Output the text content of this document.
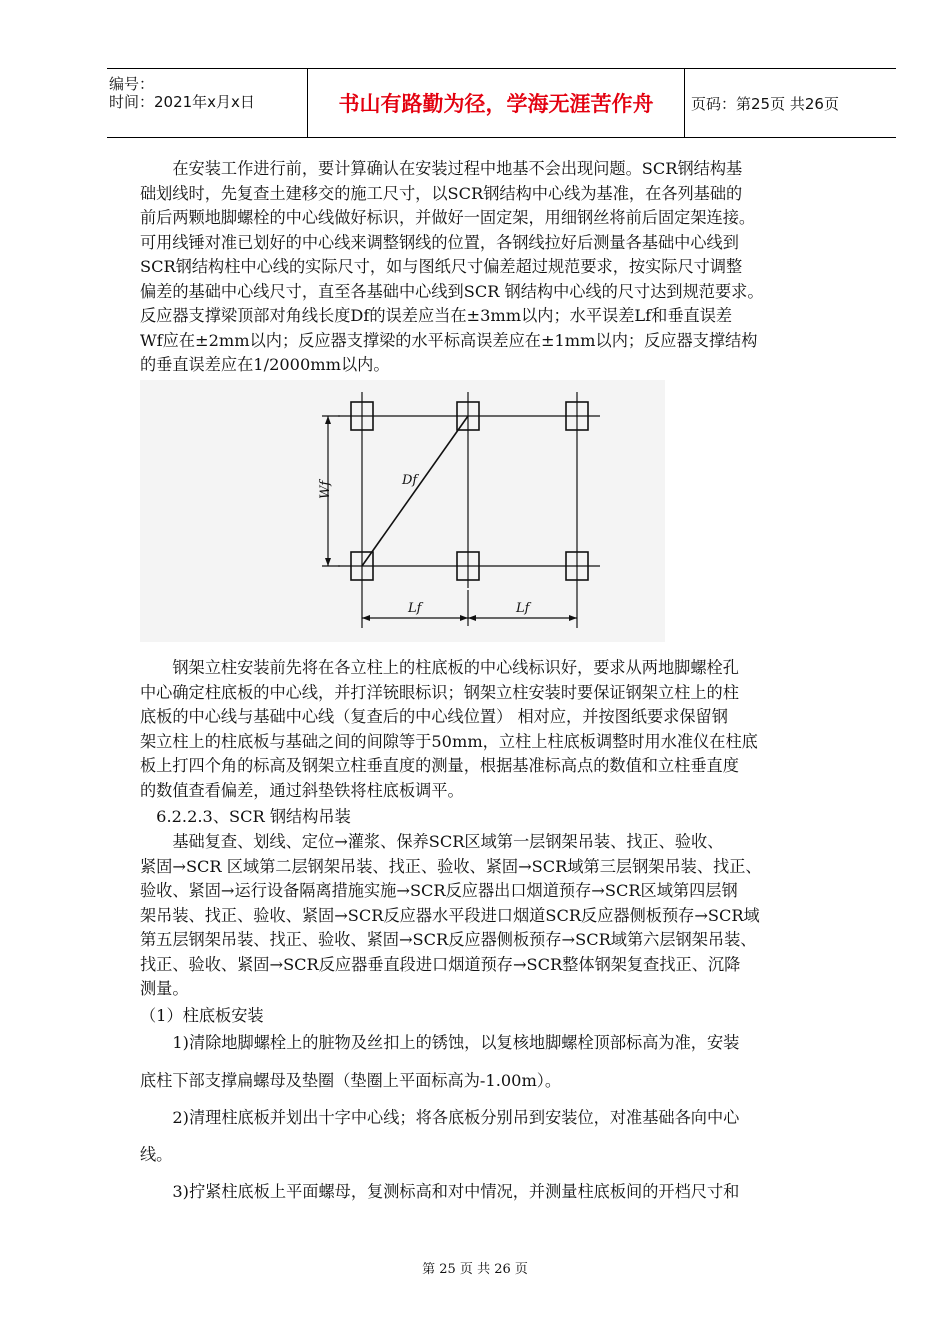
编号：
时间：2021年x月x日	书山有路勤为径，学海无涯苦作舟	页码：第25页 共26页
　　在安装工作进行前，要计算确认在安装过程中地基不会出现问题。SCR钢结构基
础划线时，先复查土建移交的施工尺寸，以SCR钢结构中心线为基准，在各列基础的
前后两颗地脚螺栓的中心线做好标识，并做好一固定架，用细钢丝将前后固定架连接。
可用线锤对准已划好的中心线来调整钢线的位置，各钢线拉好后测量各基础中心线到
SCR钢结构柱中心线的实际尺寸，如与图纸尺寸偏差超过规范要求，按实际尺寸调整
偏差的基础中心线尺寸，直至各基础中心线到SCR 钢结构中心线的尺寸达到规范要求。
反应器支撑梁顶部对角线长度Df的误差应当在±3mm以内；水平误差Lf和垂直误差
Wf应在±2mm以内；反应器支撑梁的水平标高误差应在±1mm以内；反应器支撑结构
的垂直误差应在1/2000mm以内。
Wf
Df
Lf	Lf
　　钢架立柱安装前先将在各立柱上的柱底板的中心线标识好，要求从两地脚螺栓孔
中心确定柱底板的中心线，并打洋铳眼标识；钢架立柱安装时要保证钢架立柱上的柱
底板的中心线与基础中心线（复查后的中心线位置） 相对应，并按图纸要求保留钢
架立柱上的柱底板与基础之间的间隙等于50mm，立柱上柱底板调整时用水准仪在柱底
板上打四个角的标高及钢架立柱垂直度的测量，根据基准标高点的数值和立柱垂直度
的数值查看偏差，通过斜垫铁将柱底板调平。
　6.2.2.3、SCR 钢结构吊装
　　基础复查、划线、定位→灌浆、保养SCR区域第一层钢架吊装、找正、验收、
紧固→SCR 区域第二层钢架吊装、找正、验收、紧固→SCR域第三层钢架吊装、找正、
验收、紧固→运行设备隔离措施实施→SCR反应器出口烟道预存→SCR区域第四层钢
架吊装、找正、验收、紧固→SCR反应器水平段进口烟道SCR反应器侧板预存→SCR域
第五层钢架吊装、找正、验收、紧固→SCR反应器侧板预存→SCR域第六层钢架吊装、
找正、验收、紧固→SCR反应器垂直段进口烟道预存→SCR整体钢架复查找正、沉降
测量。
（1）柱底板安装
　　1)清除地脚螺栓上的脏物及丝扣上的锈蚀，以复核地脚螺栓顶部标高为准，安装
底柱下部支撑扁螺母及垫圈（垫圈上平面标高为-1.00m）。
　　2)清理柱底板并划出十字中心线；将各底板分别吊到安装位，对准基础各向中心
线。
　　3)拧紧柱底板上平面螺母，复测标高和对中情况，并测量柱底板间的开档尺寸和
第 25 页 共 26 页
